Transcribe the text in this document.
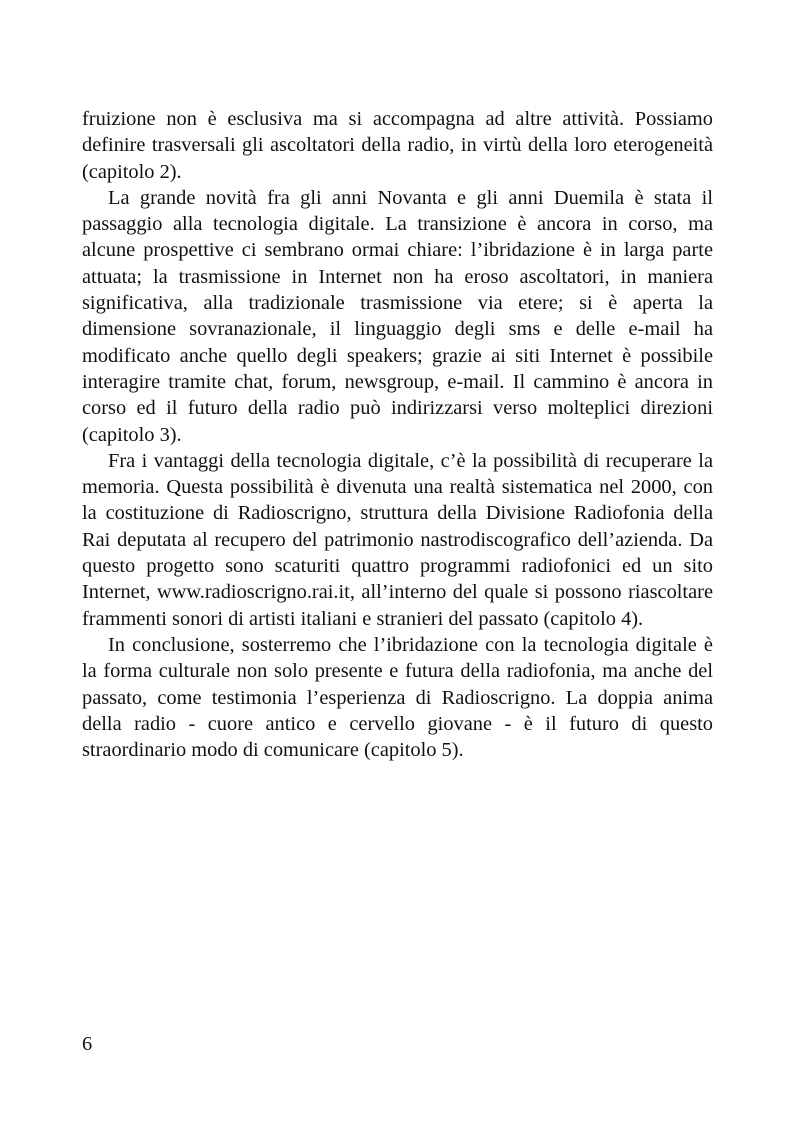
fruizione non è esclusiva ma si accompagna ad altre attività. Possiamo definire trasversali gli ascoltatori della radio, in virtù della loro eterogeneità (capitolo 2).

La grande novità fra gli anni Novanta e gli anni Duemila è stata il passaggio alla tecnologia digitale. La transizione è ancora in corso, ma alcune prospettive ci sembrano ormai chiare: l’ibridazione è in larga parte attuata; la trasmissione in Internet non ha eroso ascoltatori, in maniera significativa, alla tradizionale trasmissione via etere; si è aperta la dimensione sovranazionale, il linguaggio degli sms e delle e-mail ha modificato anche quello degli speakers; grazie ai siti Internet è possibile interagire tramite chat, forum, newsgroup, e-mail. Il cammino è ancora in corso ed il futuro della radio può indirizzarsi verso molteplici direzioni (capitolo 3).

Fra i vantaggi della tecnologia digitale, c’è la possibilità di recuperare la memoria. Questa possibilità è divenuta una realtà sistematica nel 2000, con la costituzione di Radioscrigno, struttura della Divisione Radiofonia della Rai deputata al recupero del patrimonio nastrodiscografico dell’azienda. Da questo progetto sono scaturiti quattro programmi radiofonici ed un sito Internet, www.radioscrigno.rai.it, all’interno del quale si possono riascoltare frammenti sonori di artisti italiani e stranieri del passato (capitolo 4).

In conclusione, sosterremo che l’ibridazione con la tecnologia digitale è la forma culturale non solo presente e futura della radiofonia, ma anche del passato, come testimonia l’esperienza di Radioscrigno. La doppia anima della radio - cuore antico e cervello giovane - è il futuro di questo straordinario modo di comunicare (capitolo 5).

6
